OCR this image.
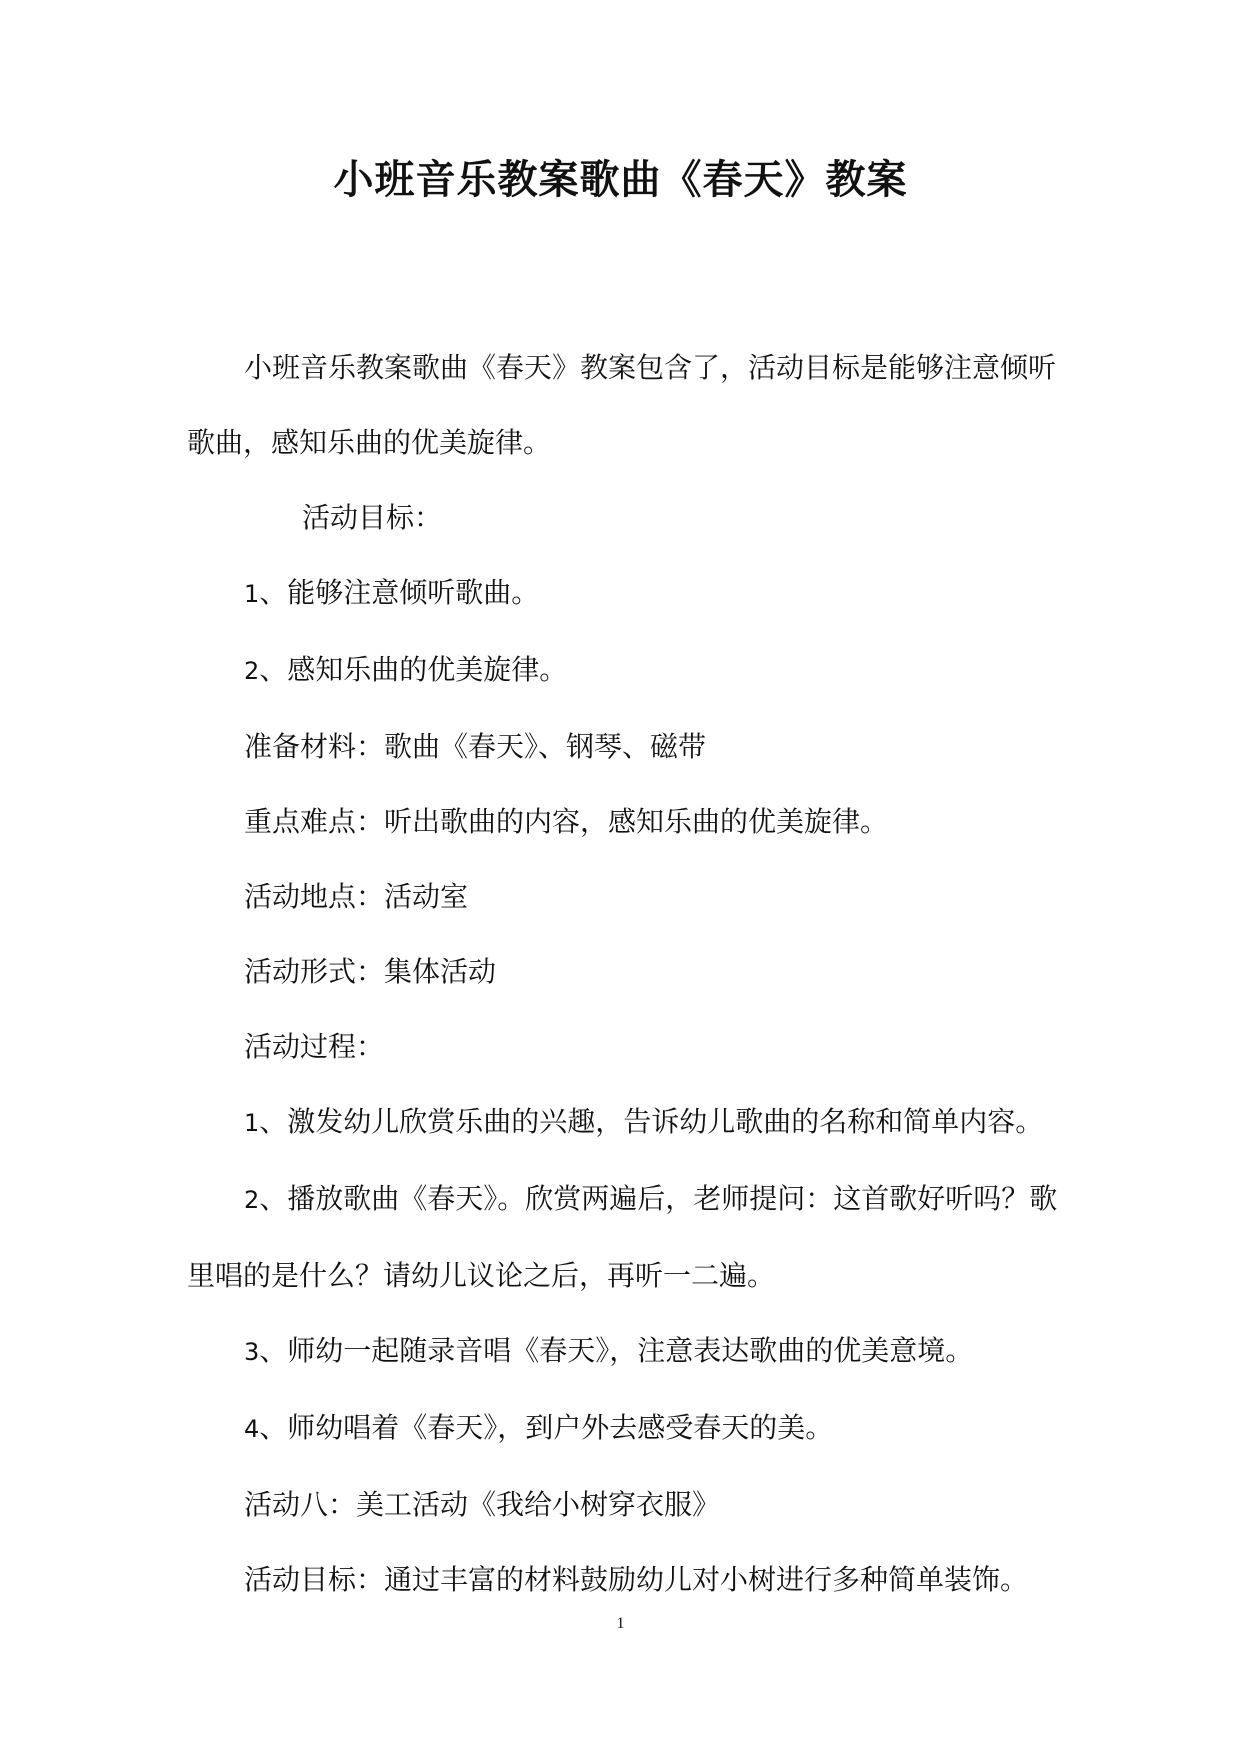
小班音乐教案歌曲《春天》教案

小班音乐教案歌曲《春天》教案包含了，活动目标是能够注意倾听歌曲，感知乐曲的优美旋律。

活动目标：

1、能够注意倾听歌曲。

2、感知乐曲的优美旋律。

准备材料：歌曲《春天》、钢琴、磁带

重点难点：听出歌曲的内容，感知乐曲的优美旋律。

活动地点：活动室

活动形式：集体活动

活动过程：

1、激发幼儿欣赏乐曲的兴趣，告诉幼儿歌曲的名称和简单内容。

2、播放歌曲《春天》。欣赏两遍后，老师提问：这首歌好听吗？歌里唱的是什么？请幼儿议论之后，再听一二遍。

3、师幼一起随录音唱《春天》，注意表达歌曲的优美意境。

4、师幼唱着《春天》，到户外去感受春天的美。

活动八：美工活动《我给小树穿衣服》

活动目标：通过丰富的材料鼓励幼儿对小树进行多种简单装饰。

1
